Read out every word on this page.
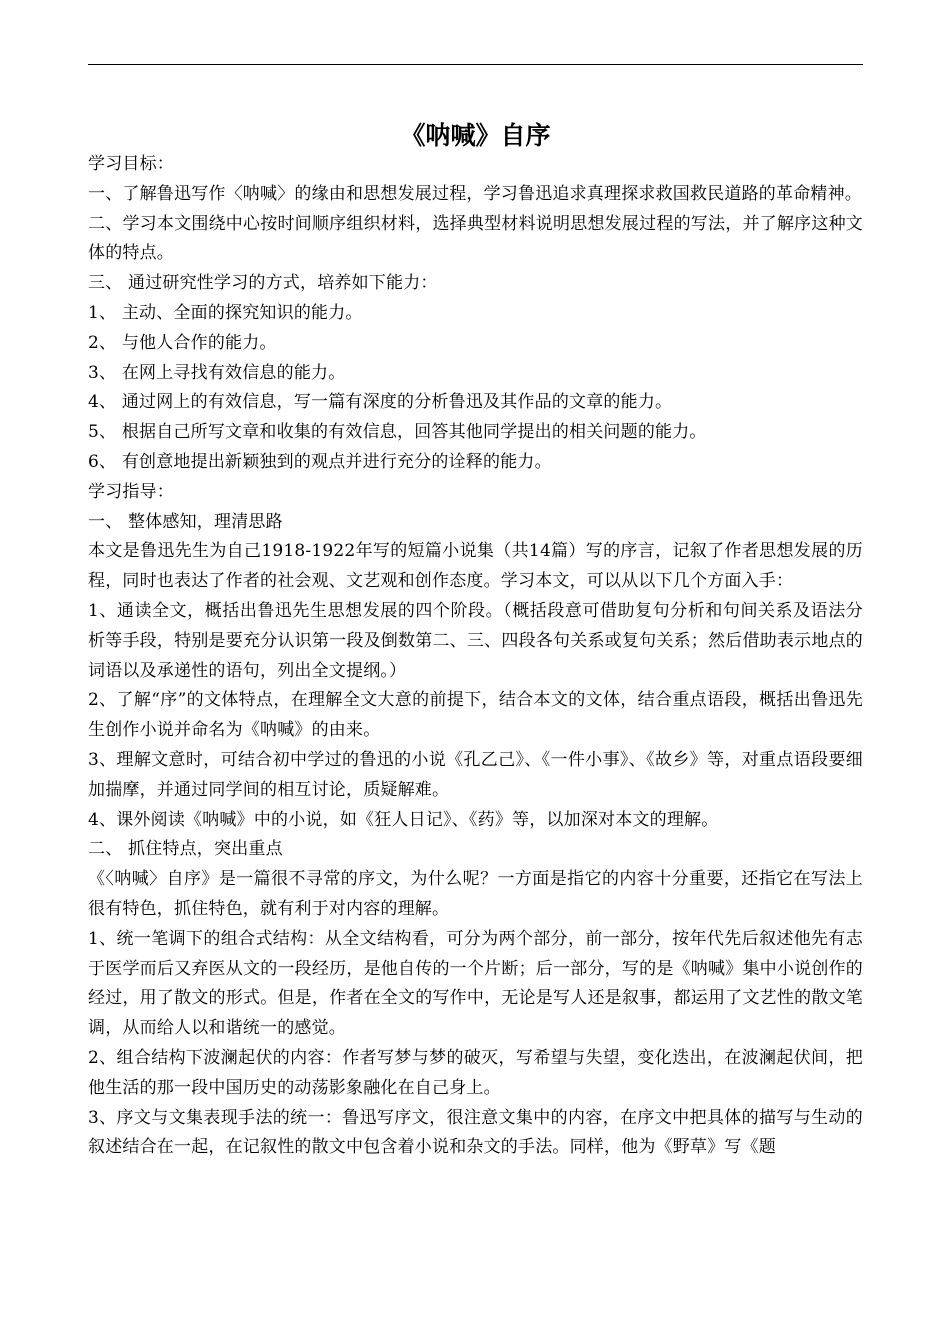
《呐喊》自序

学习目标：

一、了解鲁迅写作〈呐喊〉的缘由和思想发展过程，学习鲁迅追求真理探求救国救民道路的革命精神。

二、学习本文围绕中心按时间顺序组织材料，选择典型材料说明思想发展过程的写法，并了解序这种文体的特点。

三、 通过研究性学习的方式，培养如下能力：

1、 主动、全面的探究知识的能力。

2、 与他人合作的能力。

3、 在网上寻找有效信息的能力。

4、 通过网上的有效信息，写一篇有深度的分析鲁迅及其作品的文章的能力。

5、 根据自己所写文章和收集的有效信息，回答其他同学提出的相关问题的能力。

6、 有创意地提出新颖独到的观点并进行充分的诠释的能力。

学习指导：

一、 整体感知，理清思路

本文是鲁迅先生为自己1918-1922年写的短篇小说集（共14篇）写的序言，记叙了作者思想发展的历程，同时也表达了作者的社会观、文艺观和创作态度。学习本文，可以从以下几个方面入手：

1、通读全文，概括出鲁迅先生思想发展的四个阶段。（概括段意可借助复句分析和句间关系及语法分析等手段，特别是要充分认识第一段及倒数第二、三、四段各句关系或复句关系；然后借助表示地点的词语以及承递性的语句，列出全文提纲。）

2、了解“序”的文体特点，在理解全文大意的前提下，结合本文的文体，结合重点语段，概括出鲁迅先生创作小说并命名为《呐喊》的由来。

3、理解文意时，可结合初中学过的鲁迅的小说《孔乙己》、《一件小事》、《故乡》等，对重点语段要细加揣摩，并通过同学间的相互讨论，质疑解难。

4、课外阅读《呐喊》中的小说，如《狂人日记》、《药》等，以加深对本文的理解。

二、 抓住特点，突出重点

《〈呐喊〉自序》是一篇很不寻常的序文，为什么呢？一方面是指它的内容十分重要，还指它在写法上很有特色，抓住特色，就有利于对内容的理解。

1、统一笔调下的组合式结构：从全文结构看，可分为两个部分，前一部分，按年代先后叙述他先有志于医学而后又弃医从文的一段经历，是他自传的一个片断；后一部分，写的是《呐喊》集中小说创作的经过，用了散文的形式。但是，作者在全文的写作中，无论是写人还是叙事，都运用了文艺性的散文笔调，从而给人以和谐统一的感觉。

2、组合结构下波澜起伏的内容：作者写梦与梦的破灭，写希望与失望，变化迭出，在波澜起伏间，把他生活的那一段中国历史的动荡影象融化在自己身上。

3、序文与文集表现手法的统一：鲁迅写序文，很注意文集中的内容，在序文中把具体的描写与生动的叙述结合在一起，在记叙性的散文中包含着小说和杂文的手法。同样，他为《野草》写《题
